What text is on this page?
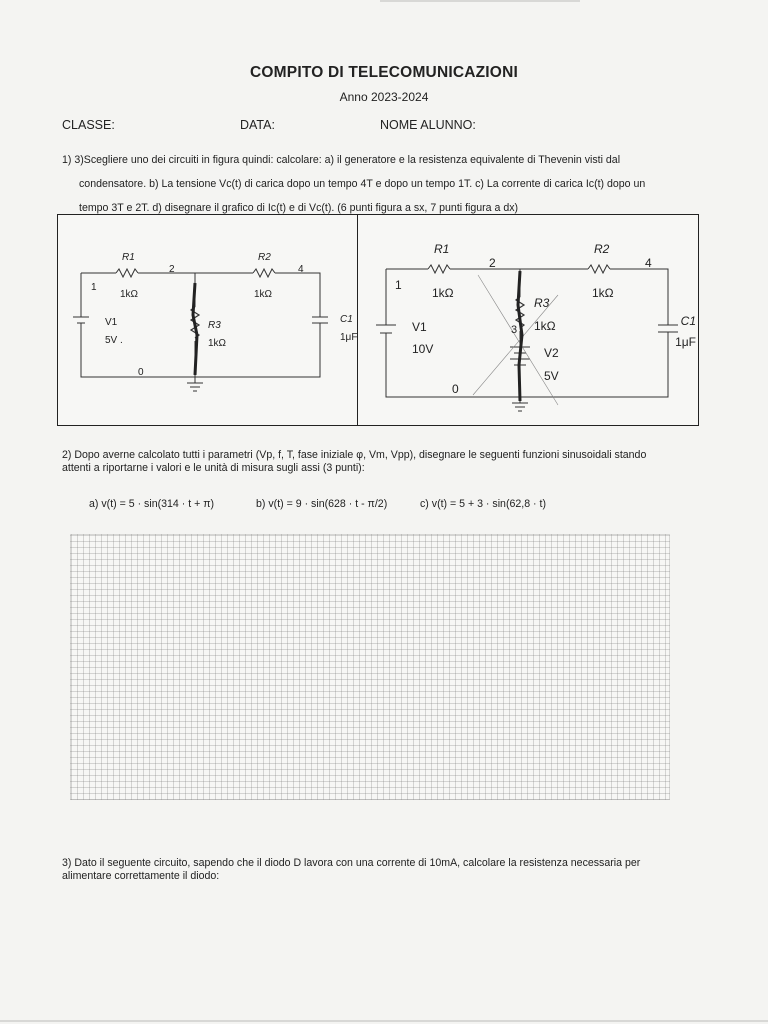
COMPITO DI TELECOMUNICAZIONI
Anno 2023-2024
CLASSE:	DATA:	NOME ALUNNO:
1) 3)Scegliere uno dei circuiti in figura quindi: calcolare: a) il generatore e la resistenza equivalente di Thevenin visti dal
condensatore. b) La tensione Vc(t) di carica dopo un tempo 4T e dopo un tempo 1T. c) La corrente di carica Ic(t) dopo un
tempo 3T e 2T. d) disegnare il grafico di Ic(t) e di Vc(t). (6 punti figura a sx, 7 punti figura a dx)
R1
1kΩ
2
R2
1kΩ
4
1
V1
5V .
R3
1kΩ
C1
1μF
0
R1
1kΩ
2
R2
1kΩ
4
1
V1
10V
R3
1kΩ
3
V2
5V
C1
1μF
0
2) Dopo averne calcolato tutti i parametri (Vp, f, T, fase iniziale φ, Vm, Vpp), disegnare le seguenti funzioni sinusoidali stando
attenti a riportarne i valori e le unità di misura sugli assi (3 punti):
a) v(t) = 5 · sin(314 · t + π)	b) v(t) = 9 · sin(628 · t - π/2)	c) v(t) = 5 + 3 · sin(62,8 · t)
3) Dato il seguente circuito, sapendo che il diodo D lavora con una corrente di 10mA, calcolare la resistenza necessaria per
alimentare correttamente il diodo:
